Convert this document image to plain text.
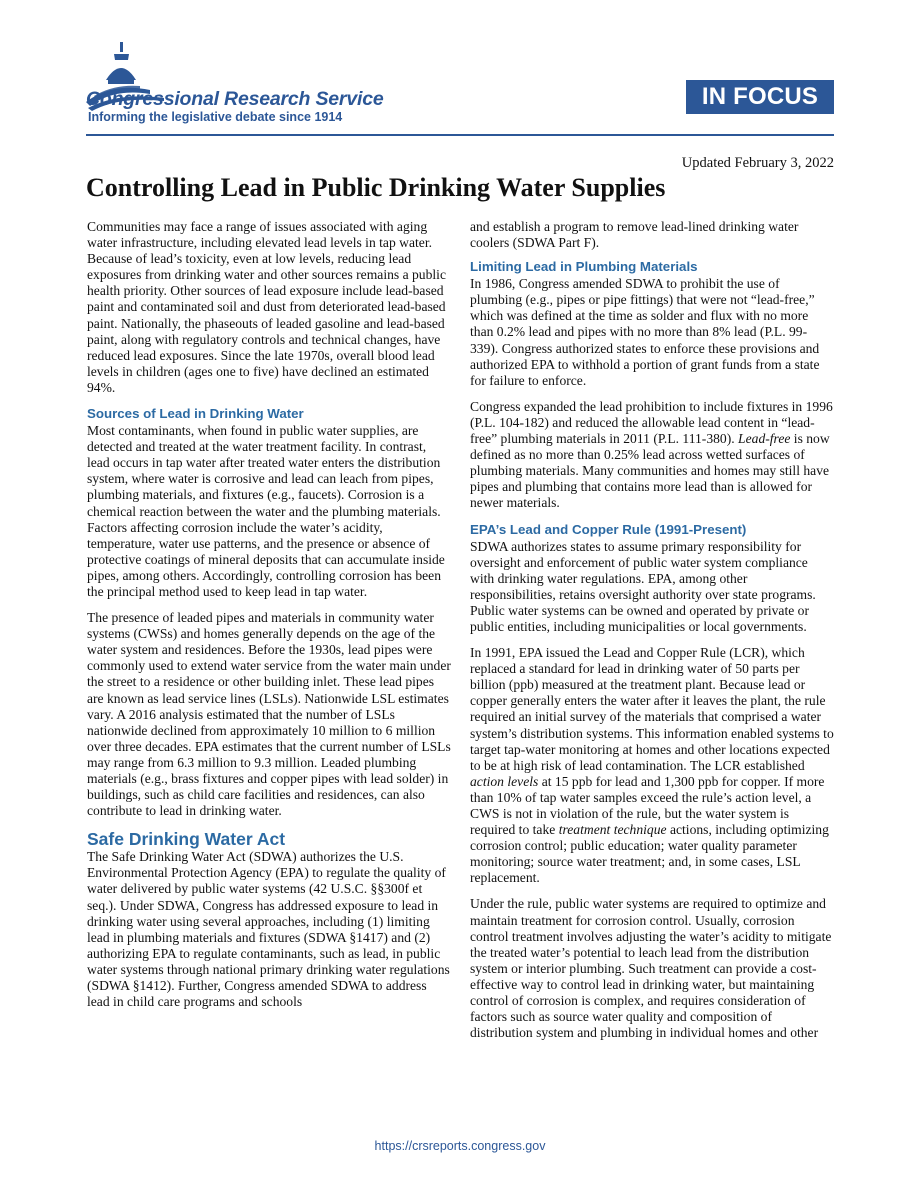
Congressional Research Service
Informing the legislative debate since 1914
IN FOCUS
Updated February 3, 2022
Controlling Lead in Public Drinking Water Supplies

Communities may face a range of issues associated with aging water infrastructure, including elevated lead levels in tap water. Because of lead’s toxicity, even at low levels, reducing lead exposures from drinking water and other sources remains a public health priority. Other sources of lead exposure include lead-based paint and contaminated soil and dust from deteriorated lead-based paint. Nationally, the phaseouts of leaded gasoline and lead-based paint, along with regulatory controls and technical changes, have reduced lead exposures. Since the late 1970s, overall blood lead levels in children (ages one to five) have declined an estimated 94%.

Sources of Lead in Drinking Water

Most contaminants, when found in public water supplies, are detected and treated at the water treatment facility. In contrast, lead occurs in tap water after treated water enters the distribution system, where water is corrosive and lead can leach from pipes, plumbing materials, and fixtures (e.g., faucets). Corrosion is a chemical reaction between the water and the plumbing materials. Factors affecting corrosion include the water’s acidity, temperature, water use patterns, and the presence or absence of protective coatings of mineral deposits that can accumulate inside pipes, among others. Accordingly, controlling corrosion has been the principal method used to keep lead in tap water.

The presence of leaded pipes and materials in community water systems (CWSs) and homes generally depends on the age of the water system and residences. Before the 1930s, lead pipes were commonly used to extend water service from the water main under the street to a residence or other building inlet. These lead pipes are known as lead service lines (LSLs). Nationwide LSL estimates vary. A 2016 analysis estimated that the number of LSLs nationwide declined from approximately 10 million to 6 million over three decades. EPA estimates that the current number of LSLs may range from 6.3 million to 9.3 million. Leaded plumbing materials (e.g., brass fixtures and copper pipes with lead solder) in buildings, such as child care facilities and residences, can also contribute to lead in drinking water.

Safe Drinking Water Act

The Safe Drinking Water Act (SDWA) authorizes the U.S. Environmental Protection Agency (EPA) to regulate the quality of water delivered by public water systems (42 U.S.C. §§300f et seq.). Under SDWA, Congress has addressed exposure to lead in drinking water using several approaches, including (1) limiting lead in plumbing materials and fixtures (SDWA §1417) and (2) authorizing EPA to regulate contaminants, such as lead, in public water systems through national primary drinking water regulations (SDWA §1412). Further, Congress amended SDWA to address lead in child care programs and schools

and establish a program to remove lead-lined drinking water coolers (SDWA Part F).

Limiting Lead in Plumbing Materials

In 1986, Congress amended SDWA to prohibit the use of plumbing (e.g., pipes or pipe fittings) that were not “lead-free,” which was defined at the time as solder and flux with no more than 0.2% lead and pipes with no more than 8% lead (P.L. 99-339). Congress authorized states to enforce these provisions and authorized EPA to withhold a portion of grant funds from a state for failure to enforce.

Congress expanded the lead prohibition to include fixtures in 1996 (P.L. 104-182) and reduced the allowable lead content in “lead-free” plumbing materials in 2011 (P.L. 111-380). Lead-free is now defined as no more than 0.25% lead across wetted surfaces of plumbing materials. Many communities and homes may still have pipes and plumbing that contains more lead than is allowed for newer materials.

EPA’s Lead and Copper Rule (1991-Present)

SDWA authorizes states to assume primary responsibility for oversight and enforcement of public water system compliance with drinking water regulations. EPA, among other responsibilities, retains oversight authority over state programs. Public water systems can be owned and operated by private or public entities, including municipalities or local governments.

In 1991, EPA issued the Lead and Copper Rule (LCR), which replaced a standard for lead in drinking water of 50 parts per billion (ppb) measured at the treatment plant. Because lead or copper generally enters the water after it leaves the plant, the rule required an initial survey of the materials that comprised a water system’s distribution systems. This information enabled systems to target tap-water monitoring at homes and other locations expected to be at high risk of lead contamination. The LCR established action levels at 15 ppb for lead and 1,300 ppb for copper. If more than 10% of tap water samples exceed the rule’s action level, a CWS is not in violation of the rule, but the water system is required to take treatment technique actions, including optimizing corrosion control; public education; water quality parameter monitoring; source water treatment; and, in some cases, LSL replacement.

Under the rule, public water systems are required to optimize and maintain treatment for corrosion control. Usually, corrosion control treatment involves adjusting the water’s acidity to mitigate the treated water’s potential to leach lead from the distribution system or interior plumbing. Such treatment can provide a cost-effective way to control lead in drinking water, but maintaining control of corrosion is complex, and requires consideration of factors such as source water quality and composition of distribution system and plumbing in individual homes and other

https://crsreports.congress.gov
